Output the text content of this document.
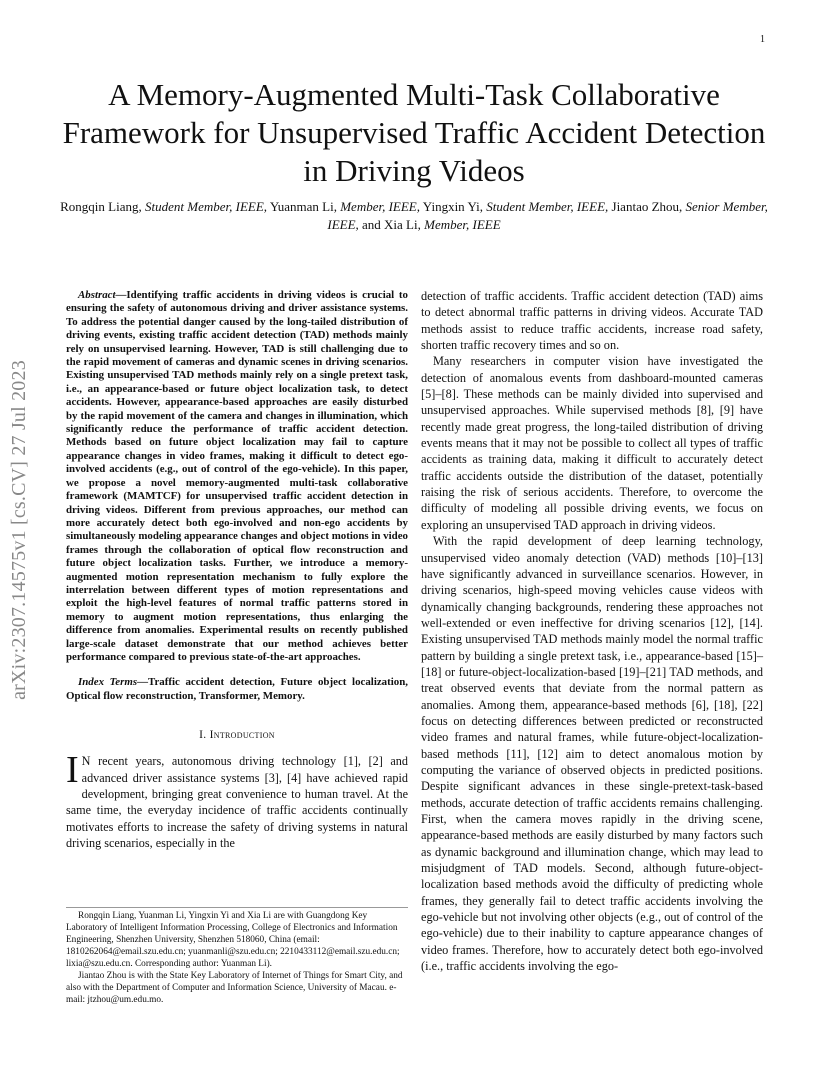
1
arXiv:2307.14575v1 [cs.CV] 27 Jul 2023
A Memory-Augmented Multi-Task Collaborative Framework for Unsupervised Traffic Accident Detection in Driving Videos
Rongqin Liang, Student Member, IEEE, Yuanman Li, Member, IEEE, Yingxin Yi, Student Member, IEEE, Jiantao Zhou, Senior Member, IEEE, and Xia Li, Member, IEEE

Abstract—Identifying traffic accidents in driving videos is crucial to ensuring the safety of autonomous driving and driver assistance systems. To address the potential danger caused by the long-tailed distribution of driving events, existing traffic accident detection (TAD) methods mainly rely on unsupervised learning. However, TAD is still challenging due to the rapid movement of cameras and dynamic scenes in driving scenarios. Existing unsupervised TAD methods mainly rely on a single pretext task, i.e., an appearance-based or future object localization task, to detect accidents. However, appearance-based approaches are easily disturbed by the rapid movement of the camera and changes in illumination, which significantly reduce the performance of traffic accident detection. Methods based on future object localization may fail to capture appearance changes in video frames, making it difficult to detect ego-involved accidents (e.g., out of control of the ego-vehicle). In this paper, we propose a novel memory-augmented multi-task collaborative framework (MAMTCF) for unsupervised traffic accident detection in driving videos. Different from previous approaches, our method can more accurately detect both ego-involved and non-ego accidents by simultaneously modeling appearance changes and object motions in video frames through the collaboration of optical flow reconstruction and future object localization tasks. Further, we introduce a memory-augmented motion representation mechanism to fully explore the interrelation between different types of motion representations and exploit the high-level features of normal traffic patterns stored in memory to augment motion representations, thus enlarging the difference from anomalies. Experimental results on recently published large-scale dataset demonstrate that our method achieves better performance compared to previous state-of-the-art approaches.

Index Terms—Traffic accident detection, Future object localization, Optical flow reconstruction, Transformer, Memory.

I. Introduction

I N recent years, autonomous driving technology [1], [2] and advanced driver assistance systems [3], [4] have achieved rapid development, bringing great convenience to human travel. At the same time, the everyday incidence of traffic accidents continually motivates efforts to increase the safety of driving systems in natural driving scenarios, especially in the

Rongqin Liang, Yuanman Li, Yingxin Yi and Xia Li are with Guangdong Key Laboratory of Intelligent Information Processing, College of Electronics and Information Engineering, Shenzhen University, Shenzhen 518060, China (email: 1810262064@email.szu.edu.cn; yuanmanli@szu.edu.cn; 2210433112@email.szu.edu.cn; lixia@szu.edu.cn. Corresponding author: Yuanman Li).

Jiantao Zhou is with the State Key Laboratory of Internet of Things for Smart City, and also with the Department of Computer and Information Science, University of Macau. e-mail: jtzhou@um.edu.mo.

detection of traffic accidents. Traffic accident detection (TAD) aims to detect abnormal traffic patterns in driving videos. Accurate TAD methods assist to reduce traffic accidents, increase road safety, shorten traffic recovery times and so on.

Many researchers in computer vision have investigated the detection of anomalous events from dashboard-mounted cameras [5]–[8]. These methods can be mainly divided into supervised and unsupervised approaches. While supervised methods [8], [9] have recently made great progress, the long-tailed distribution of driving events means that it may not be possible to collect all types of traffic accidents as training data, making it difficult to accurately detect traffic accidents outside the distribution of the dataset, potentially raising the risk of serious accidents. Therefore, to overcome the difficulty of modeling all possible driving events, we focus on exploring an unsupervised TAD approach in driving videos.

With the rapid development of deep learning technology, unsupervised video anomaly detection (VAD) methods [10]–[13] have significantly advanced in surveillance scenarios. However, in driving scenarios, high-speed moving vehicles cause videos with dynamically changing backgrounds, rendering these approaches not well-extended or even ineffective for driving scenarios [12], [14]. Existing unsupervised TAD methods mainly model the normal traffic pattern by building a single pretext task, i.e., appearance-based [15]–[18] or future-object-localization-based [19]–[21] TAD methods, and treat observed events that deviate from the normal pattern as anomalies. Among them, appearance-based methods [6], [18], [22] focus on detecting differences between predicted or reconstructed video frames and natural frames, while future-object-localization-based methods [11], [12] aim to detect anomalous motion by computing the variance of observed objects in predicted positions. Despite significant advances in these single-pretext-task-based methods, accurate detection of traffic accidents remains challenging. First, when the camera moves rapidly in the driving scene, appearance-based methods are easily disturbed by many factors such as dynamic background and illumination change, which may lead to misjudgment of TAD models. Second, although future-object-localization based methods avoid the difficulty of predicting whole frames, they generally fail to detect traffic accidents involving the ego-vehicle but not involving other objects (e.g., out of control of the ego-vehicle) due to their inability to capture appearance changes of video frames. Therefore, how to accurately detect both ego-involved (i.e., traffic accidents involving the ego-
